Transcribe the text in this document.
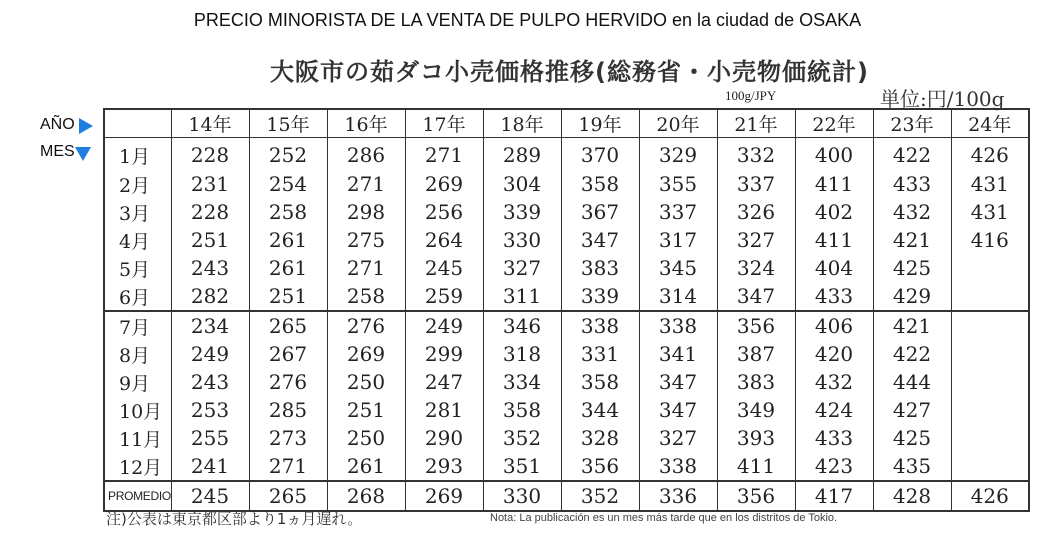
PRECIO MINORISTA DE LA VENTA DE PULPO HERVIDO en la ciudad de OSAKA
大阪市の茹ダコ小売価格推移(総務省・小売物価統計)
100g/JPY	単位:円/100g
AÑO
MES
	14年	15年	16年	17年	18年	19年	20年	21年	22年	23年	24年
1月	228	252	286	271	289	370	329	332	400	422	426
2月	231	254	271	269	304	358	355	337	411	433	431
3月	228	258	298	256	339	367	337	326	402	432	431
4月	251	261	275	264	330	347	317	327	411	421	416
5月	243	261	271	245	327	383	345	324	404	425	
6月	282	251	258	259	311	339	314	347	433	429	
7月	234	265	276	249	346	338	338	356	406	421	
8月	249	267	269	299	318	331	341	387	420	422	
9月	243	276	250	247	334	358	347	383	432	444	
10月	253	285	251	281	358	344	347	349	424	427	
11月	255	273	250	290	352	328	327	393	433	425	
12月	241	271	261	293	351	356	338	411	423	435	
PROMEDIO	245	265	268	269	330	352	336	356	417	428	426
注)公表は東京都区部より1ヵ月遅れ。	Nota: La publicación es un mes más tarde que en los distritos de Tokio.
